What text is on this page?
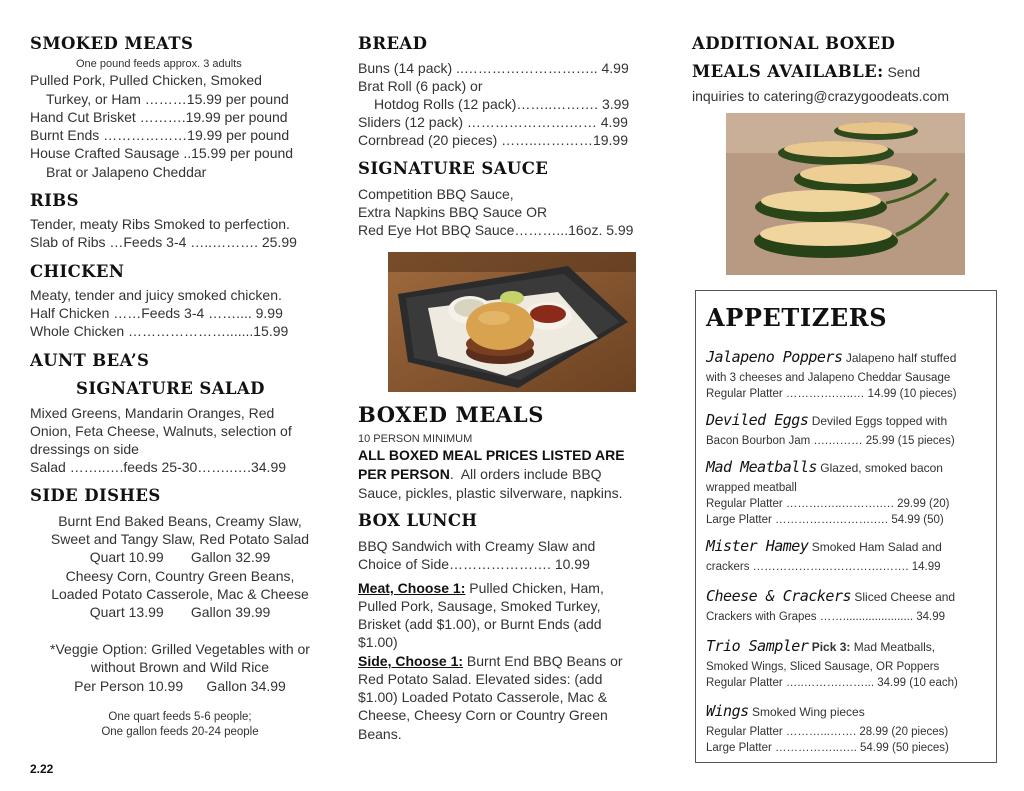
SMOKED MEATS
One pound feeds approx. 3 adults
Pulled Pork, Pulled Chicken, Smoked
Turkey, or Ham ………15.99 per pound
Hand Cut Brisket ……….19.99 per pound
Burnt Ends ………………19.99 per pound
House Crafted Sausage ..15.99 per pound
Brat or Jalapeno Cheddar
RIBS
Tender, meaty Ribs Smoked to perfection.
Slab of Ribs …Feeds 3-4 …..………. 25.99
CHICKEN
Meaty, tender and juicy smoked chicken.
Half Chicken ……Feeds 3-4 …….... 9.99
Whole Chicken ………………….......15.99
AUNT BEA’S
SIGNATURE SALAD
Mixed Greens, Mandarin Oranges, Red
Onion, Feta Cheese, Walnuts, selection of
dressings on side
Salad ……..….feeds 25-30……..….34.99
SIDE DISHES
Burnt End Baked Beans, Creamy Slaw,
Sweet and Tangy Slaw, Red Potato Salad
Quart 10.99       Gallon 32.99
Cheesy Corn, Country Green Beans,
Loaded Potato Casserole, Mac & Cheese
Quart 13.99       Gallon 39.99
*Veggie Option: Grilled Vegetables with or
without Brown and Wild Rice
Per Person 10.99      Gallon 34.99
One quart feeds 5-6 people;
One gallon feeds 20-24 people
BREAD
Buns (14 pack) ..……………………….. 4.99
Brat Roll (6 pack) or
Hotdog Rolls (12 pack)……..………. 3.99
Sliders (12 pack) ………………….…… 4.99
Cornbread (20 pieces) ……..…………19.99
SIGNATURE SAUCE
Competition BBQ Sauce,
Extra Napkins BBQ Sauce OR
Red Eye Hot BBQ Sauce………...16oz. 5.99
BOXED MEALS
10 PERSON MINIMUM
ALL BOXED MEAL PRICES LISTED ARE
PER PERSON.  All orders include BBQ
Sauce, pickles, plastic silverware, napkins.
BOX LUNCH
BBQ Sandwich with Creamy Slaw and
Choice of Side…………………. 10.99
Meat, Choose 1: Pulled Chicken, Ham,
Pulled Pork, Sausage, Smoked Turkey,
Brisket (add $1.00), or Burnt Ends (add
$1.00)
Side, Choose 1: Burnt End BBQ Beans or
Red Potato Salad. Elevated sides: (add
$1.00) Loaded Potato Casserole, Mac &
Cheese, Cheesy Corn or Country Green
Beans.
ADDITIONAL BOXED
MEALS AVAILABLE: Send
inquiries to catering@crazygoodeats.com
APPETIZERS
Jalapeno Poppers Jalapeno half stuffed
with 3 cheeses and Jalapeno Cheddar Sausage
Regular Platter ………….…..… 14.99 (10 pieces)
Deviled Eggs Deviled Eggs topped with
Bacon Bourbon Jam ….……… 25.99 (15 pieces)
Mad Meatballs Glazed, smoked bacon
wrapped meatball
Regular Platter ……….…..……….…. 29.99 (20)
Large Platter …………….……….…. 54.99 (50)
Mister Hamey Smoked Ham Salad and
crackers …………………………….……. 14.99
Cheese & Crackers Sliced Cheese and
Crackers with Grapes ……...................... 34.99
Trio Sampler Pick 3: Mad Meatballs,
Smoked Wings, Sliced Sausage, OR Poppers
Regular Platter …..……….……... 34.99 (10 each)
Wings Smoked Wing pieces
Regular Platter ………...……. 28.99 (20 pieces)
Large Platter ……………..….. 54.99 (50 pieces)
2.22
